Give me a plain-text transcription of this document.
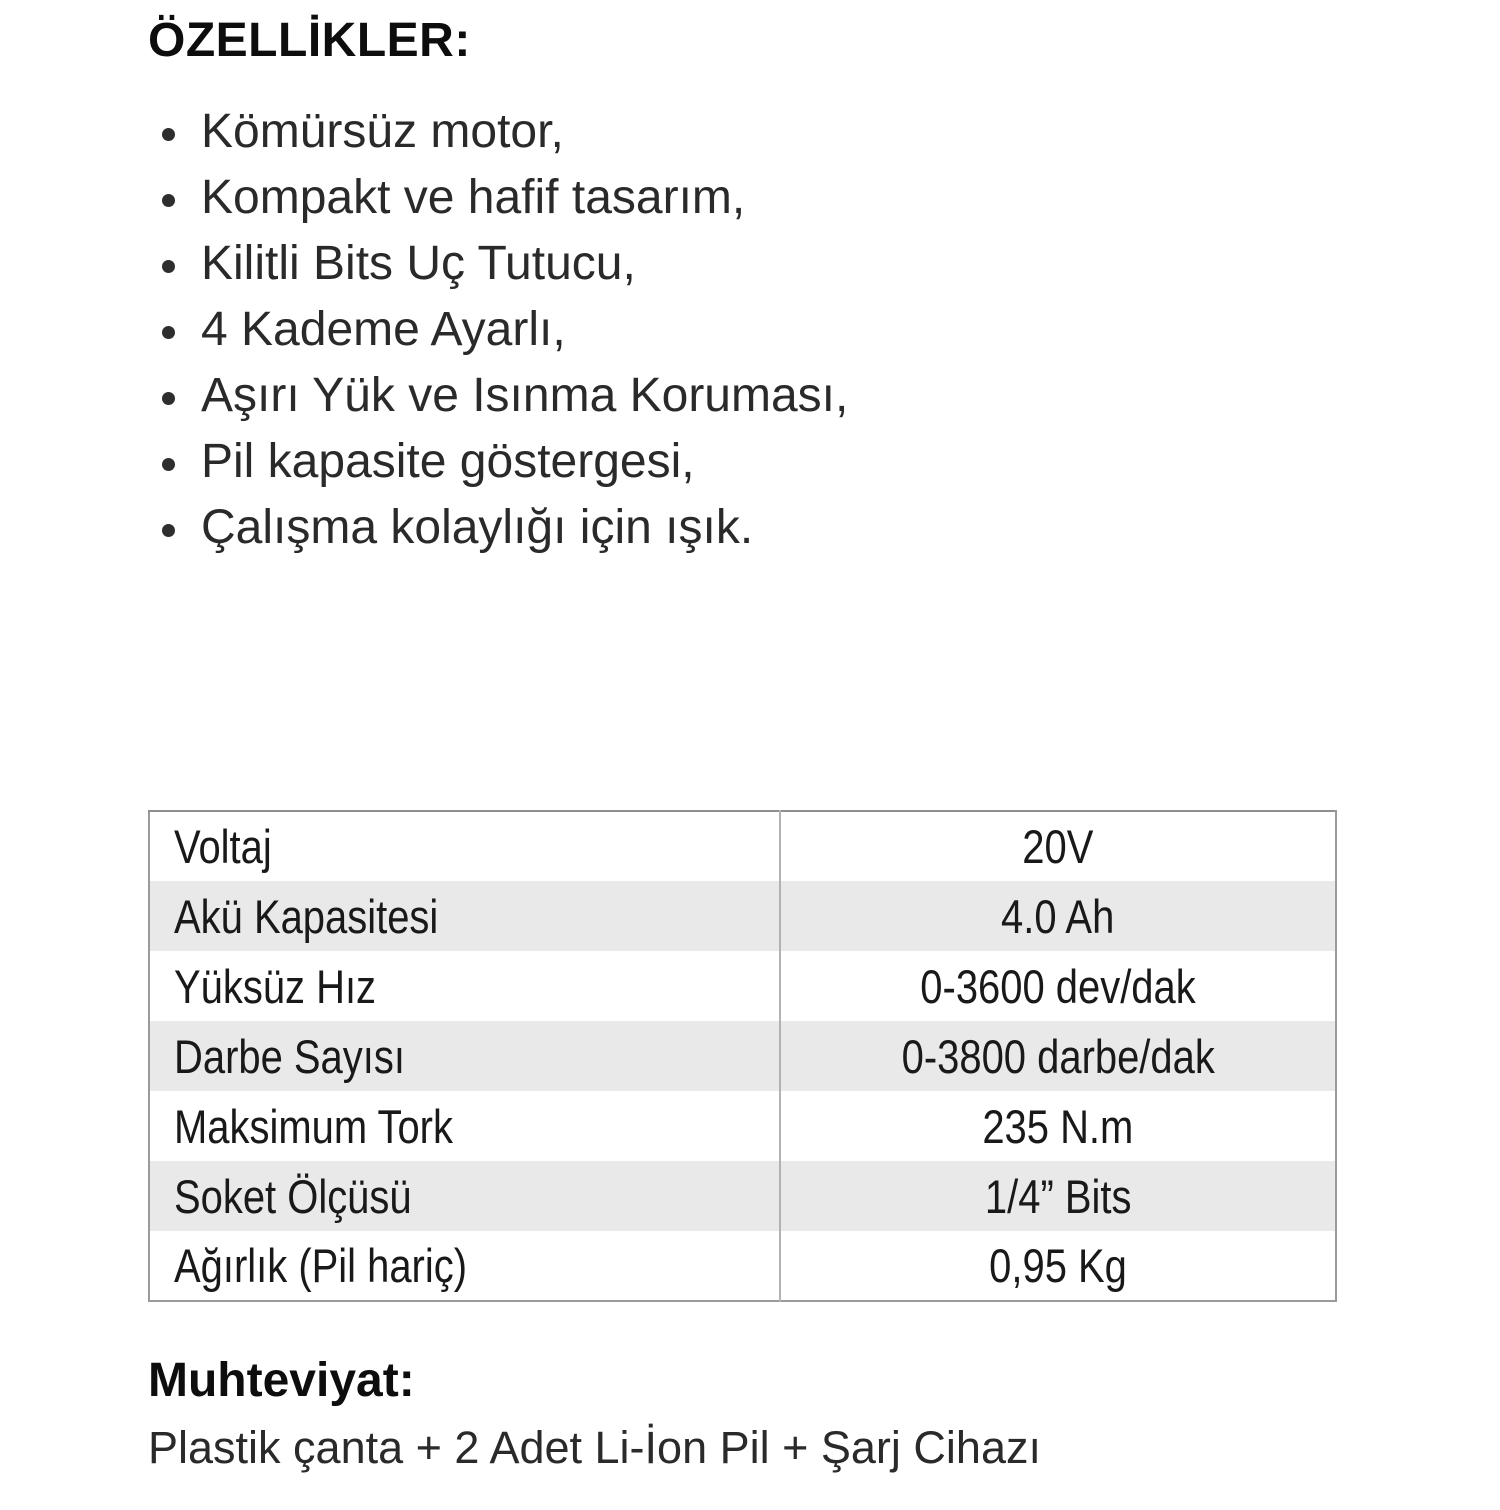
ÖZELLİKLER:
Kömürsüz motor,
Kompakt ve hafif tasarım,
Kilitli Bits Uç Tutucu,
4 Kademe Ayarlı,
Aşırı Yük ve Isınma Koruması,
Pil kapasite göstergesi,
Çalışma kolaylığı için ışık.
Voltaj	20V
Akü Kapasitesi	4.0 Ah
Yüksüz Hız	0-3600 dev/dak
Darbe Sayısı	0-3800 darbe/dak
Maksimum Tork	235 N.m
Soket Ölçüsü	1/4” Bits
Ağırlık (Pil hariç)	0,95 Kg
Muhteviyat:

Plastik çanta + 2 Adet Li-İon Pil + Şarj Cihazı
